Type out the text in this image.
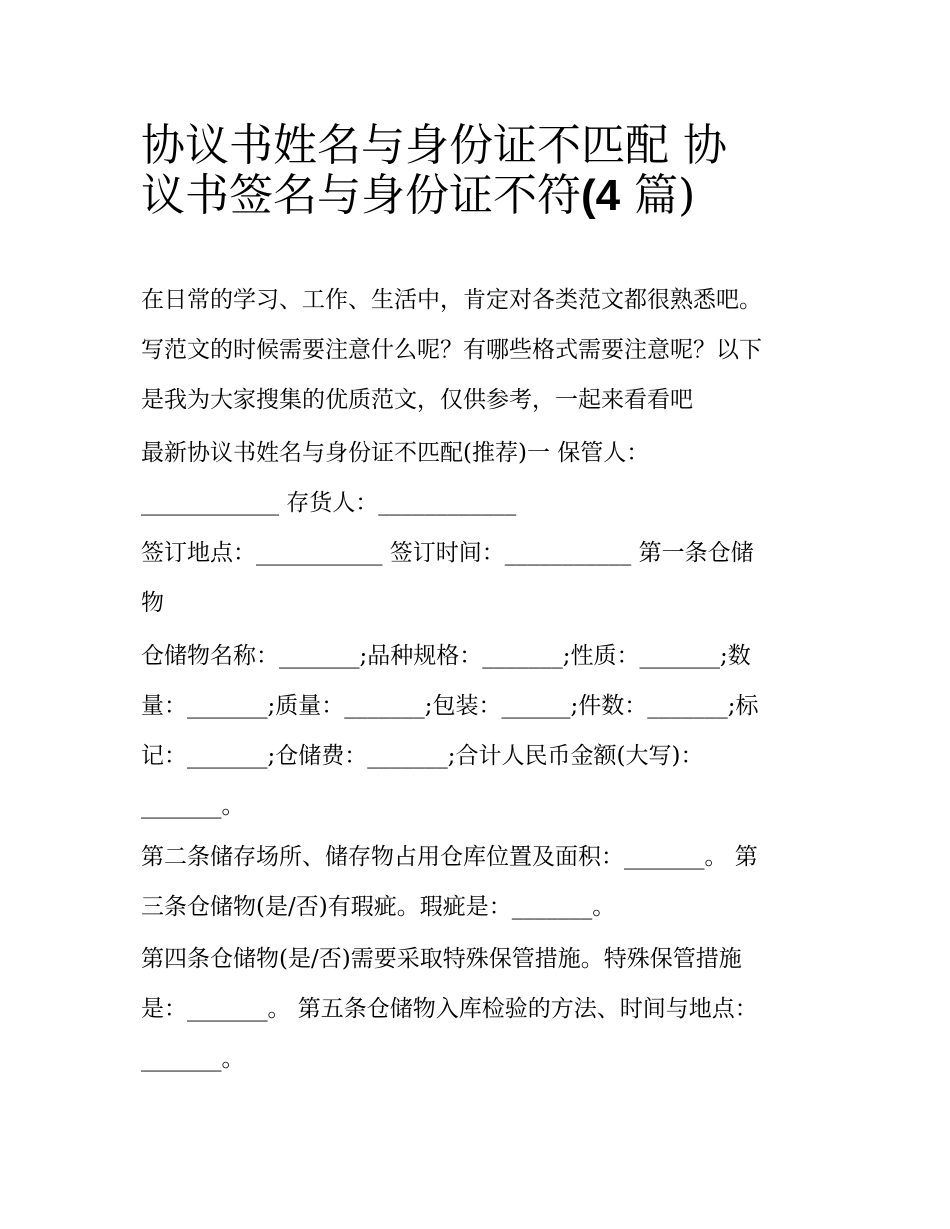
协议书姓名与身份证不匹配 协
议书签名与身份证不符(4 篇)
在日常的学习、工作、生活中，肯定对各类范文都很熟悉吧。
写范文的时候需要注意什么呢？有哪些格式需要注意呢？以下
是我为大家搜集的优质范文，仅供参考，一起来看看吧
最新协议书姓名与身份证不匹配(推荐)一 保管人：
____________ 存货人：____________
签订地点：___________ 签订时间：___________ 第一条仓储
物
仓储物名称：_______;品种规格：_______;性质：_______;数
量：_______;质量：_______;包装：______;件数：_______;标
记：_______;仓储费：_______;合计人民币金额(大写)：
_______。
第二条储存场所、储存物占用仓库位置及面积：_______。 第
三条仓储物(是/否)有瑕疵。瑕疵是：_______。
第四条仓储物(是/否)需要采取特殊保管措施。特殊保管措施
是：_______。 第五条仓储物入库检验的方法、时间与地点：
_______。
